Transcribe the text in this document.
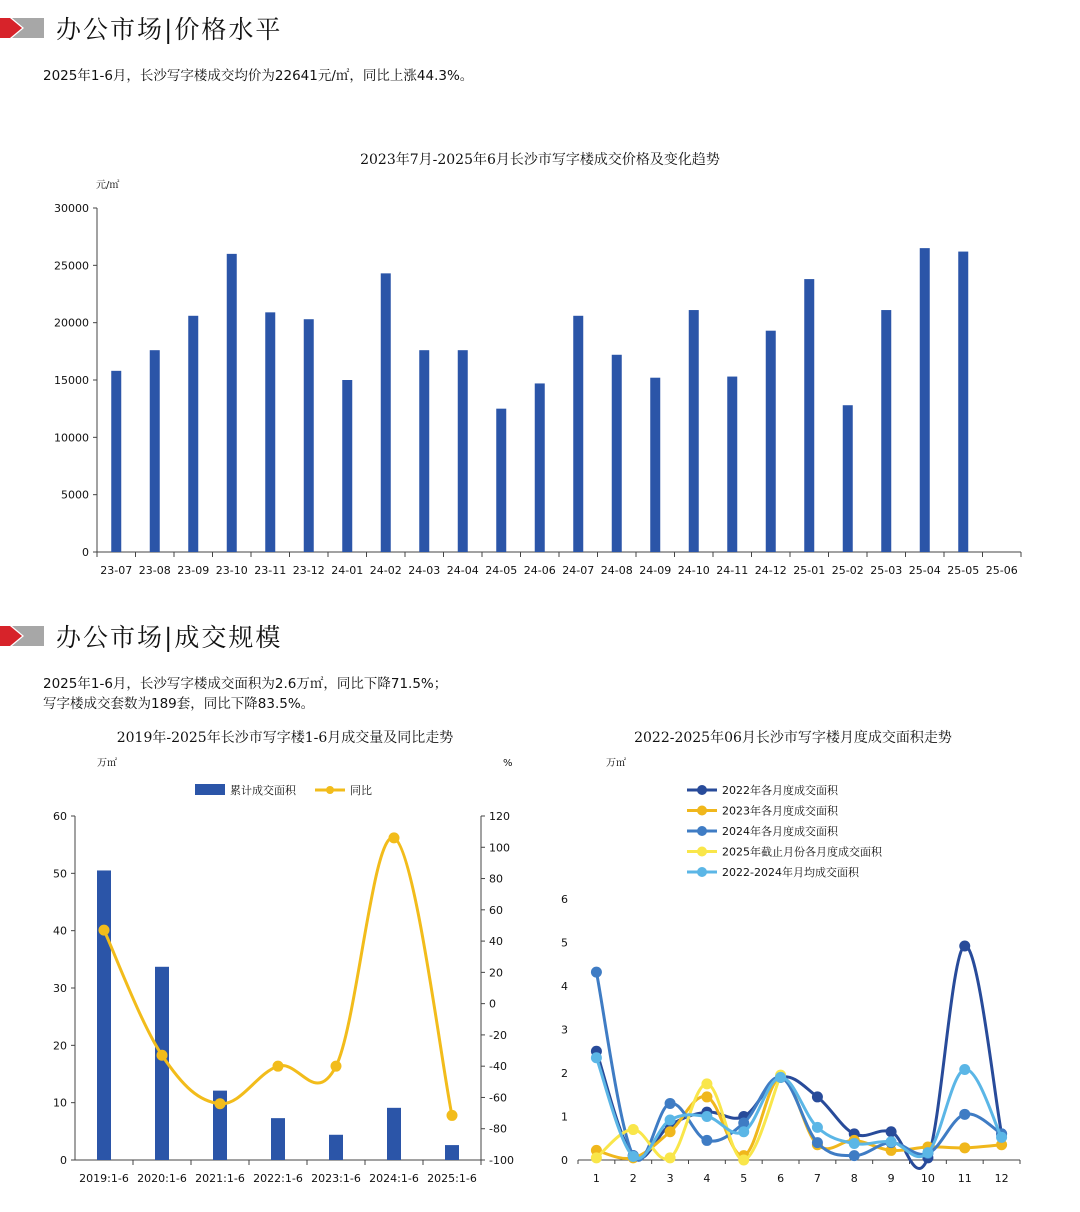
办公市场|价格水平
2025年1-6月，长沙写字楼成交均价为22641元/㎡，同比上涨44.3%。
2023年7月-2025年6月长沙市写字楼成交价格及变化趋势
元/㎡
0
5000
10000
15000
20000
25000
30000
23-07 23-08 23-09 23-10 23-11 23-12 24-01 24-02 24-03 24-04 24-05 24-06 24-07 24-08 24-09 24-10 24-11 24-12 25-01 25-02 25-03 25-04 25-05 25-06
办公市场|成交规模
2025年1-6月，长沙写字楼成交面积为2.6万㎡，同比下降71.5%；
写字楼成交套数为189套，同比下降83.5%。
2019年-2025年长沙市写字楼1-6月成交量及同比走势
万㎡	%
累计成交面积	同比
0
10
20
30
40
50
60
-100
-80
-60
-40
-20
0
20
40
60
80
100
120
2019:1-6 2020:1-6 2021:1-6 2022:1-6 2023:1-6 2024:1-6 2025:1-6
2022-2025年06月长沙市写字楼月度成交面积走势
万㎡
2022年各月度成交面积
2023年各月度成交面积
2024年各月度成交面积
2025年截止月份各月度成交面积
2022-2024年月均成交面积
0
1
2
3
4
5
6
1	2	3	4	5	6	7	8	9 10 11 12
